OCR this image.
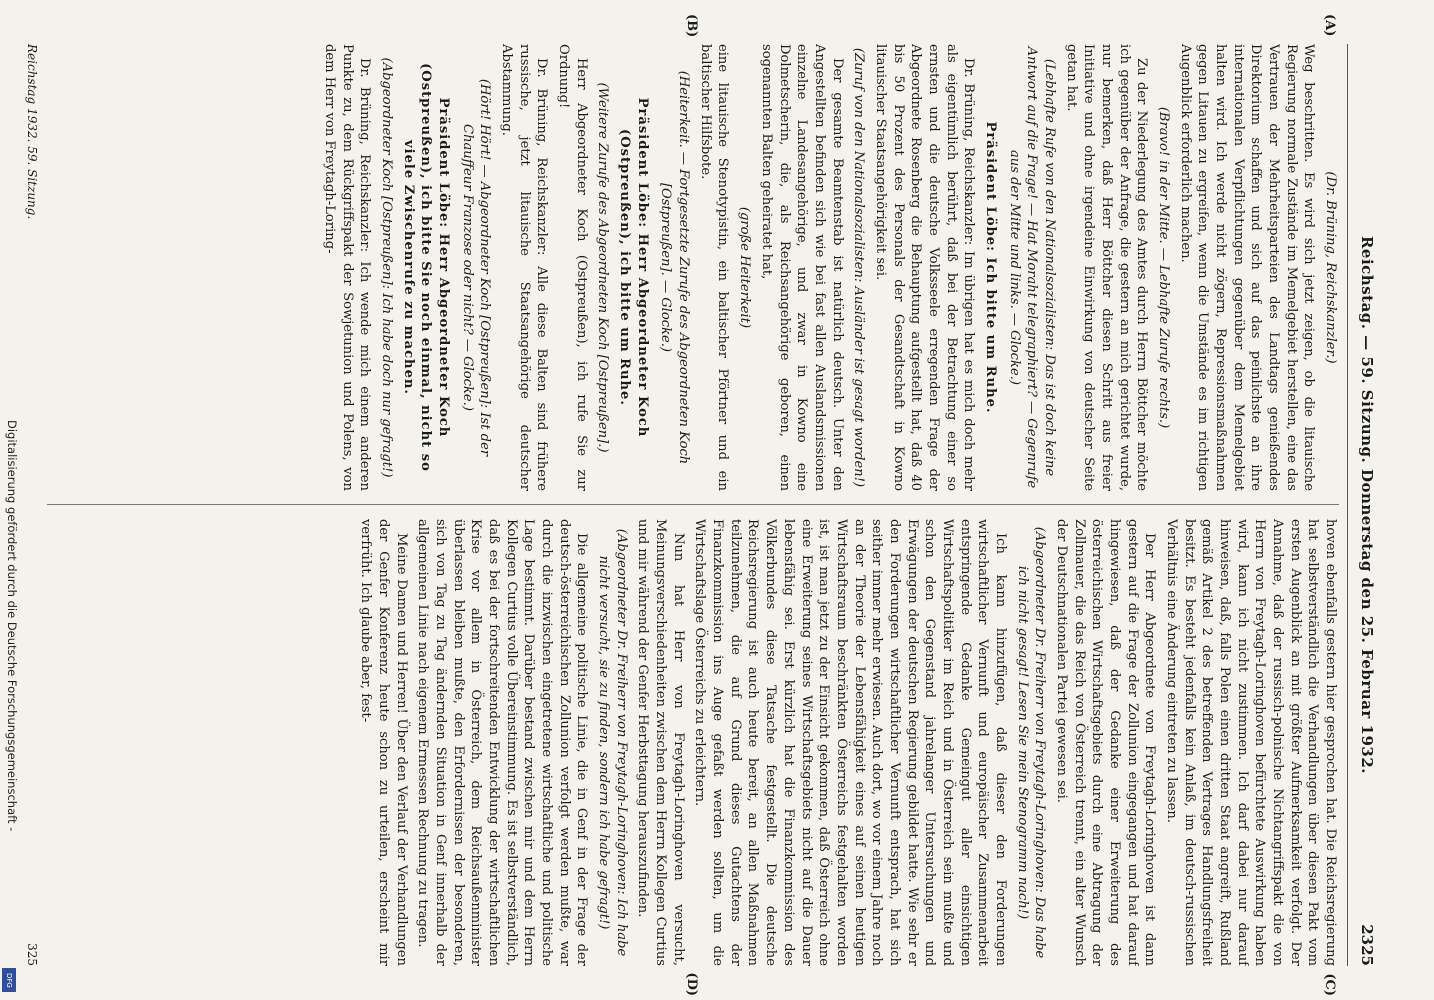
Reichstag. — 59. Sitzung. Donnerstag den 25. Februar 1932.
2325
(A)
(B)
(C)
(D)

(Dr. Brüning, Reichskanzler.)

Weg beschritten. Es wird sich jetzt zeigen, ob die litauische Regierung normale Zustände im Memelgebiet herstellen, eine das Vertrauen der Mehrheitsparteien des Landtags genießendes Direktorium schaffen und sich auf das peinlichste an ihre internationalen Verpflichtungen gegenüber dem Memelgebiet halten wird. Ich werde nicht zögern, Repressionsmaßnahmen gegen Litauen zu ergreifen, wenn die Umstände es im richtigen Augenblick erforderlich machen.

(Bravo! in der Mitte. — Lebhafte Zurufe rechts.)

Zu der Niederlegung des Amtes durch Herrn Böttcher möchte ich gegenüber der Anfrage, die gestern an mich gerichtet wurde, nur bemerken, daß Herr Böttcher diesen Schritt aus freier Initiative und ohne irgendeine Einwirkung von deutscher Seite getan hat.

(Lebhafte Rufe von den Nationalsozialisten: Das ist doch keine Antwort auf die Frage! — Hat Moraht telegraphiert? — Gegenrufe aus der Mitte und links. — Glocke.)

Präsident Löbe: Ich bitte um Ruhe.

Dr. Brüning, Reichskanzler: Im übrigen hat es mich doch mehr als eigentümlich berührt, daß bei der Betrachtung einer so ernsten und die deutsche Volksseele erregenden Frage der Abgeordnete Rosenberg die Behauptung aufgestellt hat, daß 40 bis 50 Prozent des Personals der Gesandtschaft in Kowno litauischer Staatsangehörigkeit sei.

(Zuruf von den Nationalsozialisten: Ausländer ist gesagt worden!)

Der gesamte Beamtenstab ist natürlich deutsch. Unter den Angestellten befinden sich wie bei fast allen Auslandsmissionen einzelne Landesangehörige, und zwar in Kowno eine Dolmetscherin, die, als Reichsangehörige geboren, einen sogenannten Balten geheiratet hat,

(große Heiterkeit)

eine litauische Stenotypistin, ein baltischer Pförtner und ein baltischer Hilfsbote.

(Heiterkeit. — Fortgesetzte Zurufe des Abgeordneten Koch [Ostpreußen]. — Glocke.)

Präsident Löbe: Herr Abgeordneter Koch (Ostpreußen), ich bitte um Ruhe.

(Weitere Zurufe des Abgeordneten Koch [Ostpreußen].)

Herr Abgeordneter Koch (Ostpreußen), ich rufe Sie zur Ordnung!

Dr. Brüning, Reichskanzler: Alle diese Balten sind frühere russische, jetzt litauische Staatsangehörige deutscher Abstammung.

(Hört! Hört! — Abgeordneter Koch [Ostpreußen]: Ist der Chauffeur Franzose oder nicht? — Glocke.)

Präsident Löbe: Herr Abgeordneter Koch (Ostpreußen), ich bitte Sie noch einmal, nicht so viele Zwischenrufe zu machen.

(Abgeordneter Koch [Ostpreußen]: Ich habe doch nur gefragt!)

Dr. Brüning, Reichskanzler: Ich wende mich einem anderen Punkte zu, dem Rückgriffspakt der Sowjetunion und Polens, von dem Herr von Freytagh-Loring-

hoven ebenfalls gestern hier gesprochen hat. Die Reichsregierung hat selbstverständlich die Verhandlungen über diesen Pakt vom ersten Augenblick an mit größter Aufmerksamkeit verfolgt. Der Annahme, daß der russisch-polnische Nichtangriffspakt die von Herrn von Freytagh-Loringhoven befürchtete Auswirkung haben wird, kann ich nicht zustimmen. Ich darf dabei nur darauf hinweisen, daß, falls Polen einen dritten Staat angreift, Rußland gemäß Artikel 2 des betreffenden Vertrages Handlungsfreiheit besitzt. Es besteht jedenfalls kein Anlaß, im deutsch-russischen Verhältnis eine Änderung eintreten zu lassen.

Der Herr Abgeordnete von Freytagh-Loringhoven ist dann gestern auf die Frage der Zollunion eingegangen und hat darauf hingewiesen, daß der Gedanke einer Erweiterung des österreichischen Wirtschaftsgebiets durch eine Abtragung der Zollmauer, die das Reich von Österreich trennt, ein alter Wunsch der Deutschnationalen Partei gewesen sei.

(Abgeordneter Dr. Freiherr von Freytagh-Loringhoven: Das habe ich nicht gesagt! Lesen Sie mein Stenogramm nach!)

Ich kann hinzufügen, daß dieser den Forderungen wirtschaftlicher Vernunft und europäischer Zusammenarbeit entspringende Gedanke Gemeingut aller einsichtigen Wirtschaftspolitiker im Reich und in Österreich sein mußte und schon den Gegenstand jahrelanger Untersuchungen und Erwägungen der deutschen Regierung gebildet hatte. Wie sehr er den Forderungen wirtschaftlicher Vernunft entsprach, hat sich seither immer mehr erwiesen. Auch dort, wo vor einem Jahre noch an der Theorie der Lebensfähigkeit eines auf seinen heutigen Wirtschaftsraum beschränkten Österreichs festgehalten worden ist, ist man jetzt zu der Einsicht gekommen, daß Österreich ohne eine Erweiterung seines Wirtschaftsgebiets nicht auf die Dauer lebensfähig sei. Erst kürzlich hat die Finanzkommission des Völkerbundes diese Tatsache festgestellt. Die deutsche Reichsregierung ist auch heute bereit, an allen Maßnahmen teilzunehmen, die auf Grund dieses Gutachtens der Finanzkommission ins Auge gefaßt werden sollten, um die Wirtschaftslage Österreichs zu erleichtern.

Nun hat Herr von Freytagh-Loringhoven versucht, Meinungsverschiedenheiten zwischen dem Herrn Kollegen Curtius und mir während der Genfer Herbsttagung herauszufinden.

(Abgeordneter Dr. Freiherr von Freytagh-Loringhoven: Ich habe nicht versucht, sie zu finden, sondern ich habe gefragt!)

Die allgemeine politische Linie, die in Genf in der Frage der deutsch-österreichischen Zollunion verfolgt werden mußte, war durch die inzwischen eingetretene wirtschaftliche und politische Lage bestimmt. Darüber bestand zwischen mir und dem Herrn Kollegen Curtius volle Übereinstimmung. Es ist selbstverständlich, daß es bei der fortschreitenden Entwicklung der wirtschaftlichen Krise vor allem in Österreich, dem Reichsaußenminister überlassen bleiben mußte, den Erfordernissen der besonderen, sich von Tag zu Tag ändernden Situation in Genf innerhalb der allgemeinen Linie nach eigenem Ermessen Rechnung zu tragen.

Meine Damen und Herren! Über den Verlauf der Verhandlungen der Genfer Konferenz heute schon zu urteilen, erscheint mir verfrüht. Ich glaube aber, fest-

Reichstag 1932. 59. Sitzung.
325
Digitalisierung gefördert durch die Deutsche Forschungsgemeinschaft -
DFG
